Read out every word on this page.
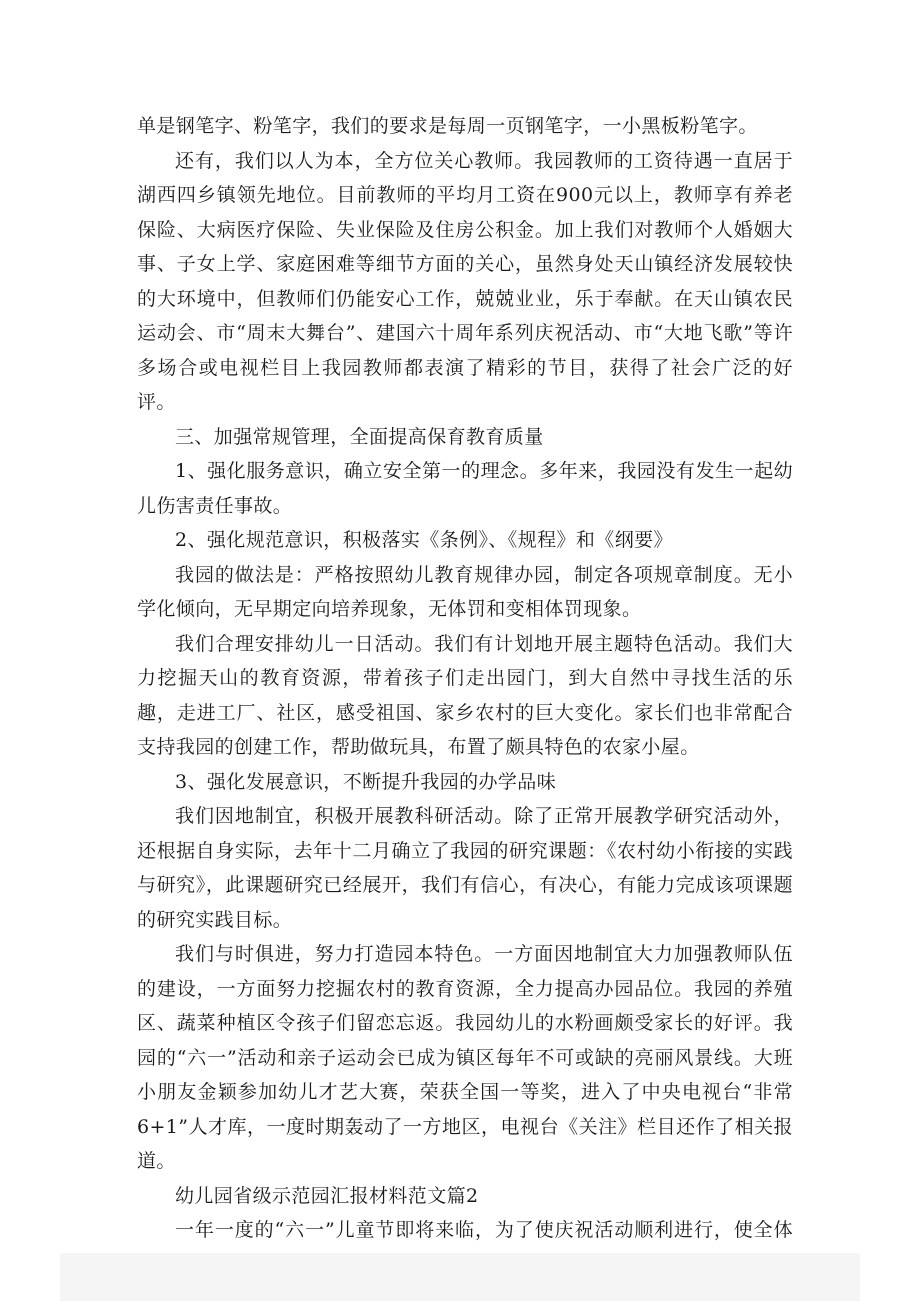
单是钢笔字、粉笔字，我们的要求是每周一页钢笔字，一小黑板粉笔字。

还有，我们以人为本，全方位关心教师。我园教师的工资待遇一直居于湖西四乡镇领先地位。目前教师的平均月工资在900元以上，教师享有养老保险、大病医疗保险、失业保险及住房公积金。加上我们对教师个人婚姻大事、子女上学、家庭困难等细节方面的关心，虽然身处天山镇经济发展较快的大环境中，但教师们仍能安心工作，兢兢业业，乐于奉献。在天山镇农民运动会、市“周末大舞台”、建国六十周年系列庆祝活动、市“大地飞歌”等许多场合或电视栏目上我园教师都表演了精彩的节目，获得了社会广泛的好评。

三、加强常规管理，全面提高保育教育质量

1、强化服务意识，确立安全第一的理念。多年来，我园没有发生一起幼儿伤害责任事故。

2、强化规范意识，积极落实《条例》、《规程》和《纲要》

我园的做法是：严格按照幼儿教育规律办园，制定各项规章制度。无小学化倾向，无早期定向培养现象，无体罚和变相体罚现象。

我们合理安排幼儿一日活动。我们有计划地开展主题特色活动。我们大力挖掘天山的教育资源，带着孩子们走出园门，到大自然中寻找生活的乐趣，走进工厂、社区，感受祖国、家乡农村的巨大变化。家长们也非常配合支持我园的创建工作，帮助做玩具，布置了颇具特色的农家小屋。

3、强化发展意识，不断提升我园的办学品味

我们因地制宜，积极开展教科研活动。除了正常开展教学研究活动外，还根据自身实际，去年十二月确立了我园的研究课题：《农村幼小衔接的实践与研究》，此课题研究已经展开，我们有信心，有决心，有能力完成该项课题的研究实践目标。

我们与时俱进，努力打造园本特色。一方面因地制宜大力加强教师队伍的建设，一方面努力挖掘农村的教育资源，全力提高办园品位。我园的养殖区、蔬菜种植区令孩子们留恋忘返。我园幼儿的水粉画颇受家长的好评。我园的“六一”活动和亲子运动会已成为镇区每年不可或缺的亮丽风景线。大班小朋友金颖参加幼儿才艺大赛，荣获全国一等奖，进入了中央电视台“非常6+1”人才库，一度时期轰动了一方地区，电视台《关注》栏目还作了相关报道。

幼儿园省级示范园汇报材料范文篇2

一年一度的“六一”儿童节即将来临，为了使庆祝活动顺利进行，使全体
